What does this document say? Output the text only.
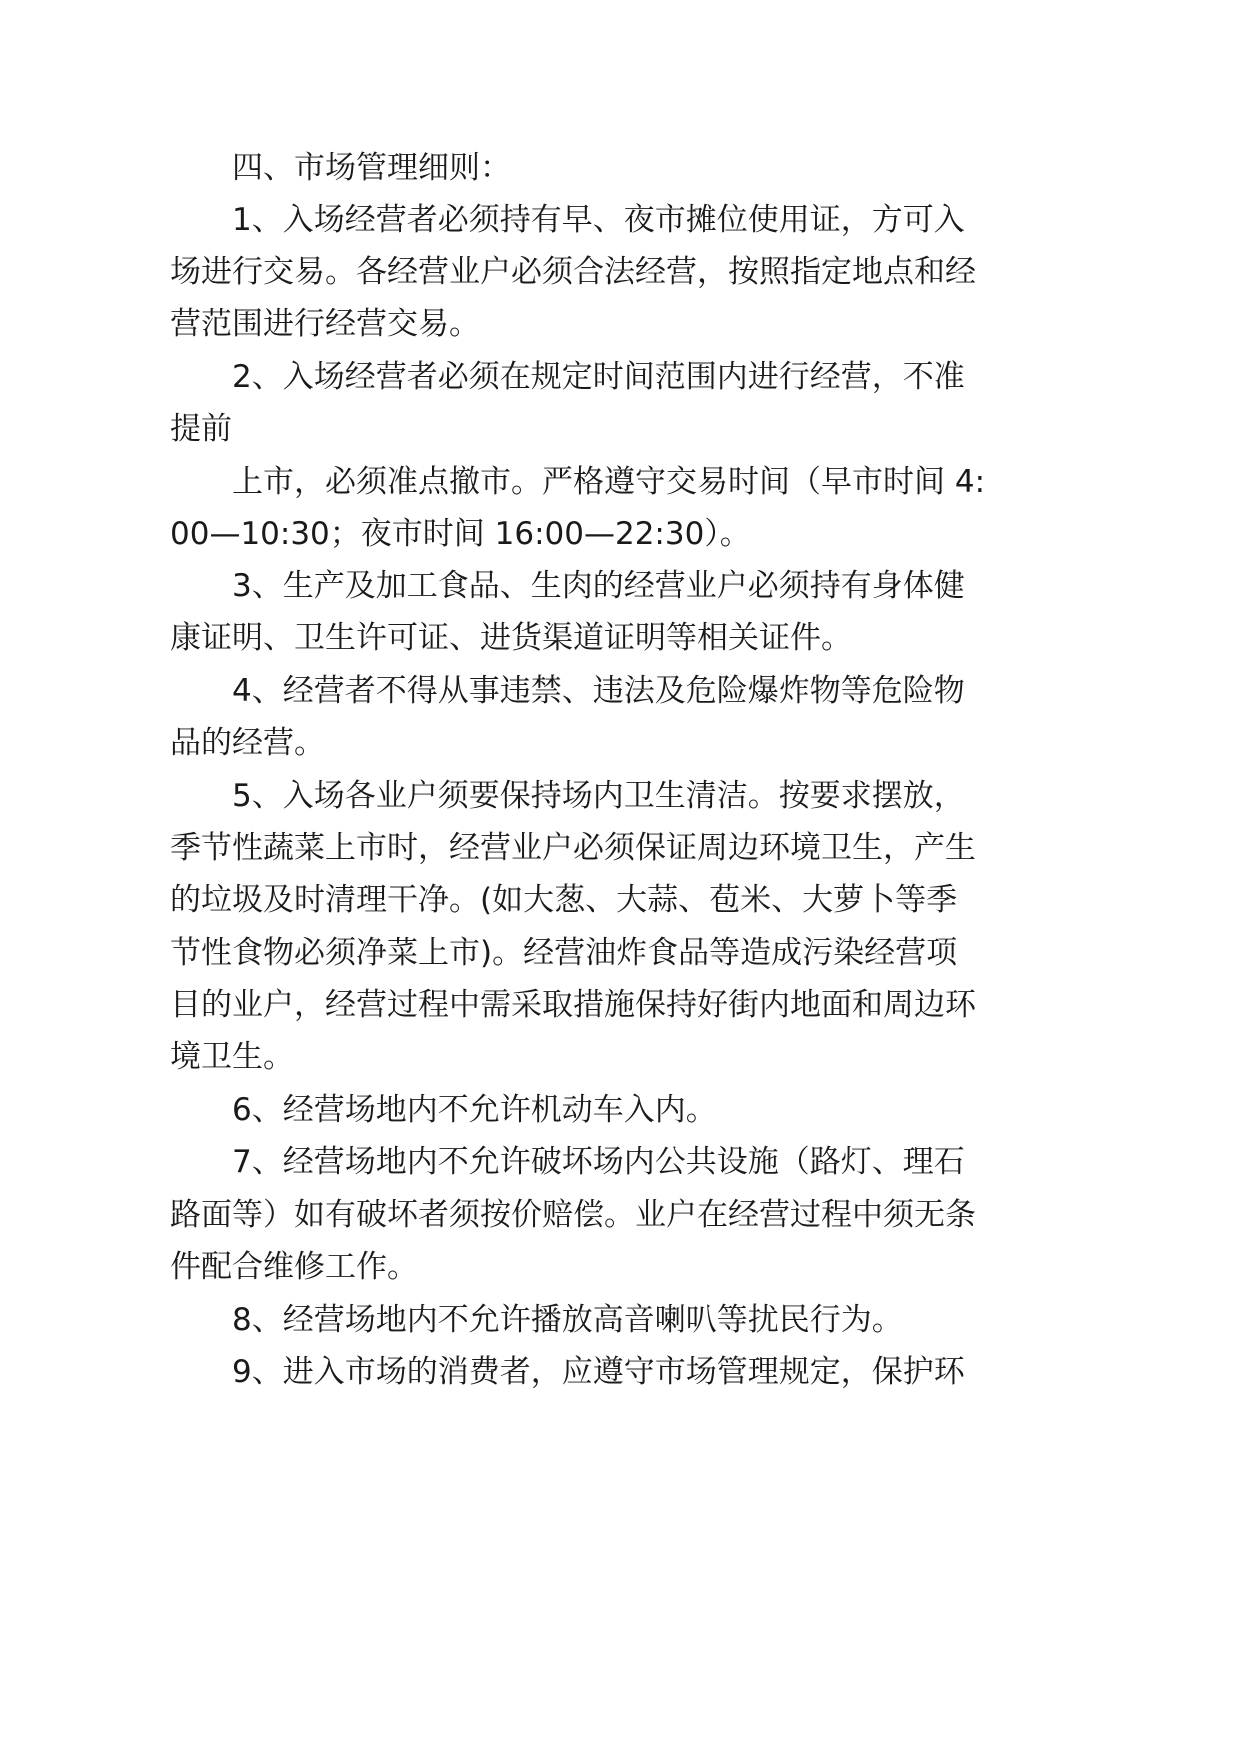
四、市场管理细则：
1、入场经营者必须持有早、夜市摊位使用证，方可入
场进行交易。各经营业户必须合法经营，按照指定地点和经
营范围进行经营交易。
2、入场经营者必须在规定时间范围内进行经营，不准
提前
上市，必须准点撤市。严格遵守交易时间（早市时间 4:
00—10:30；夜市时间 16:00—22:30）。
3、生产及加工食品、生肉的经营业户必须持有身体健
康证明、卫生许可证、进货渠道证明等相关证件。
4、经营者不得从事违禁、违法及危险爆炸物等危险物
品的经营。
5、入场各业户须要保持场内卫生清洁。按要求摆放，
季节性蔬菜上市时，经营业户必须保证周边环境卫生，产生
的垃圾及时清理干净。(如大葱、大蒜、苞米、大萝卜等季
节性食物必须净菜上市)。经营油炸食品等造成污染经营项
目的业户，经营过程中需采取措施保持好街内地面和周边环
境卫生。
6、经营场地内不允许机动车入内。
7、经营场地内不允许破坏场内公共设施（路灯、理石
路面等）如有破坏者须按价赔偿。业户在经营过程中须无条
件配合维修工作。
8、经营场地内不允许播放高音喇叭等扰民行为。
9、进入市场的消费者，应遵守市场管理规定，保护环
